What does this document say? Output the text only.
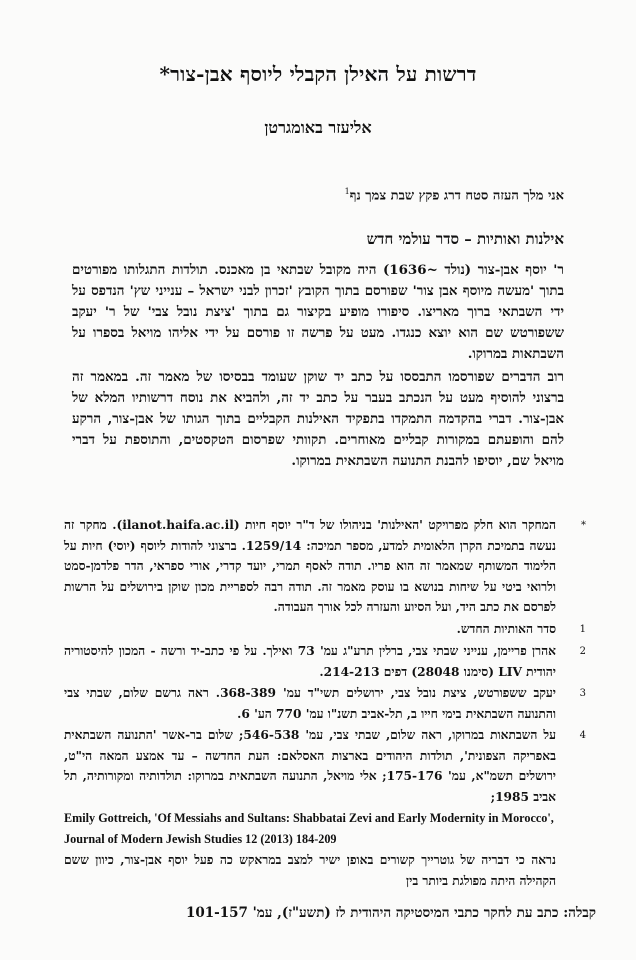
דרשות על האילן הקבלי ליוסף אבן-צור*
אליעזר באומגרטן
אני מלך העזה סטח דרג פקץ שבת צמך נף$^1$
אילנות ואותיות – סדר עולמי חדש

ר' יוסף אבן-צור (נולד ~1636) היה מקובל שבתאי בן מאכנס. תולדות התגלותו מפורטים בתוך 'מעשה מיוסף אבן צור' שפורסם בתוך הקובץ 'זכרון לבני ישראל – ענייני שץ' הנדפס על ידי השבתאי ברוך מאריצו. סיפורו מופיע בקיצור גם בתוך 'ציצת נובל צבי' של ר' יעקב ששפורטש שם הוא יוצא כנגדו. מעט על פרשה זו פורסם על ידי אליהו מויאל בספרו על השבתאות במרוקו.

רוב הדברים שפורסמו התבססו על כתב יד שוקן שעומד בבסיסו של מאמר זה. במאמר זה ברצוני להוסיף מעט על הנכתב בעבר על כתב יד זה, ולהביא את נוסח דרשותיו המלא של אבן-צור. דברי בהקדמה התמקדו בתפקיד האילנות הקבליים בתוך הגותו של אבן-צור, הרקע להם והופעתם במקורות קבליים מאוחרים. תקוותי שפרסום הטקסטים, והתוספת על דברי מויאל שם, יוסיפו להבנת התנועה השבתאית במרוקו.

*
המחקר הוא חלק מפרויקט 'האילנות' בניהולו של ד"ר יוסף חיות (ilanot.haifa.ac.il). מחקר זה נעשה בתמיכת הקרן הלאומית למדע, מספר תמיכה: 1259/14. ברצוני להודות ליוסף (יוסי) חיות על הלימוד המשותף שמאמר זה הוא פריו. תודה לאסף תמרי, יועד קדרי, אורי ספראי, הדר פלדמן-סמט ולרואי ביטי על שיחות בנושא בו עוסק מאמר זה. תודה רבה לספריית מכון שוקן בירושלים על הרשות לפרסם את כתב היד, ועל הסיוע והעזרה לכל אורך העבודה.
1
סדר האותיות החדש.
2
אהרן פריימן, ענייני שבתי צבי, ברלין תרע"ג עמ' 73 ואילך. על פי כתב-יד ורשה - המכון להיסטוריה יהודית LIV (סימנו 28048) דפים 214-213.
3
יעקב ששפורטש, ציצת נובל צבי, ירושלים תשי"ד עמ' 368-389. ראה גרשם שלום, שבתי צבי והתנועה השבתאית בימי חייו ב, תל-אביב תשנ"ו עמ' 770 הע' 6.
4
על השבתאות במרוקו, ראה שלום, שבתי צבי, עמ' 546-538; שלום בר-אשר 'התנועה השבתאית באפריקה הצפונית', תולדות היהודים בארצות האסלאם: העת החדשה – עד אמצע המאה הי"ט, ירושלים תשמ"א, עמ' 175-176; אלי מויאל, התנועה השבתאית במרוקו: תולדותיה ומקורותיה, תל אביב 1985;
Emily Gottreich, 'Of Messiahs and Sultans: Shabbatai Zevi and Early Modernity in Morocco', Journal of Modern Jewish Studies 12 (2013) 184-209
נראה כי דבריה של גוטרייך קשורים באופן ישיר למצב במראקש כה פעל יוסף אבן-צור, כיוון ששם הקהילה היתה מפולגת ביותר בין
קבלה: כתב עת לחקר כתבי המיסטיקה היהודית לז (תשע"ז), עמ' 101-157
